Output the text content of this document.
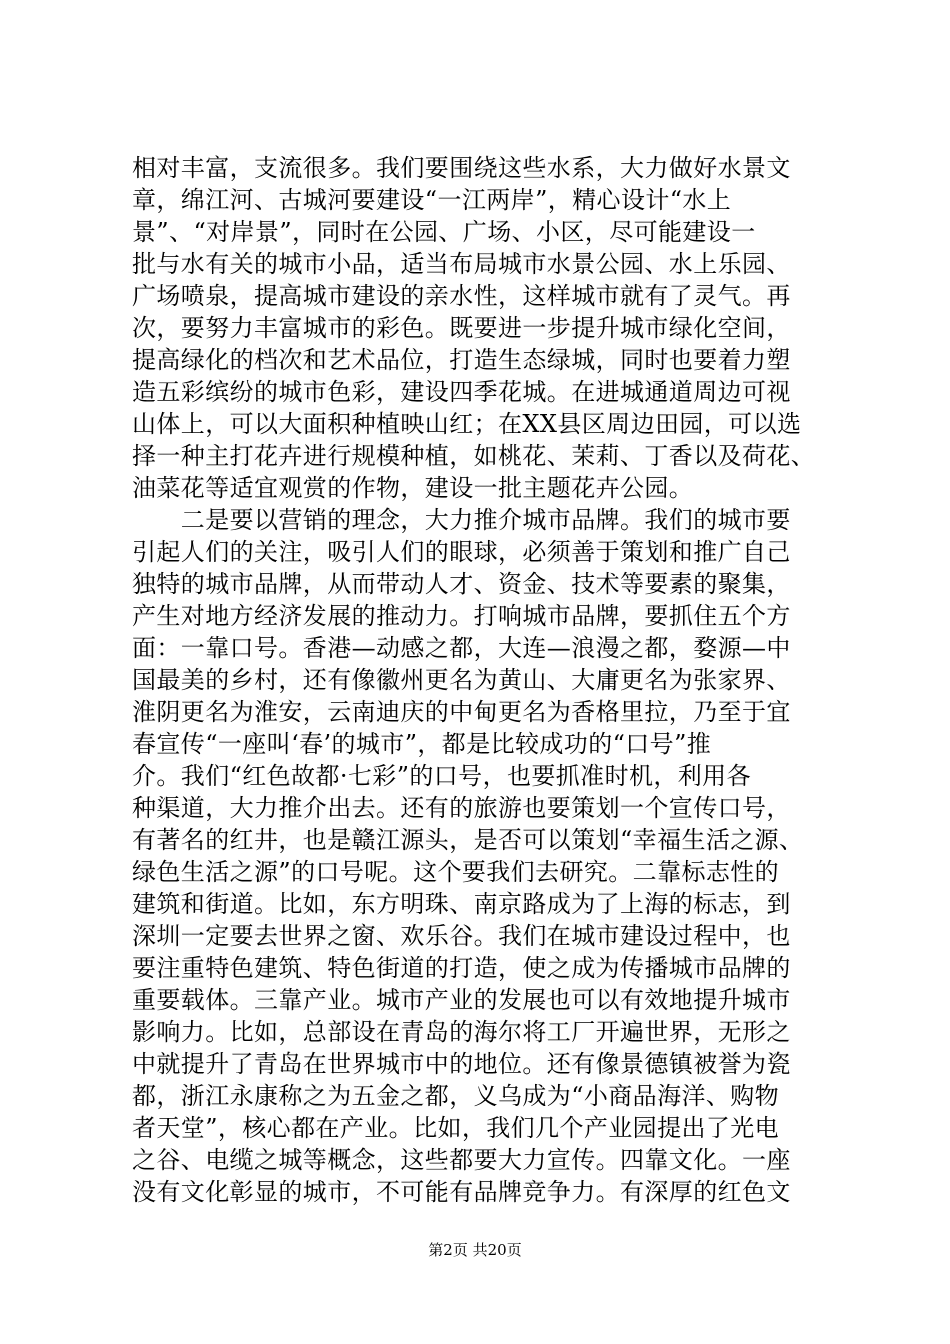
相对丰富，支流很多。我们要围绕这些水系，大力做好水景文
章，绵江河、古城河要建设“一江两岸”，精心设计“水上
景”、“对岸景”，同时在公园、广场、小区，尽可能建设一
批与水有关的城市小品，适当布局城市水景公园、水上乐园、
广场喷泉，提高城市建设的亲水性，这样城市就有了灵气。再
次，要努力丰富城市的彩色。既要进一步提升城市绿化空间，
提高绿化的档次和艺术品位，打造生态绿城，同时也要着力塑
造五彩缤纷的城市色彩，建设四季花城。在进城通道周边可视
山体上，可以大面积种植映山红；在XX县区周边田园，可以选
择一种主打花卉进行规模种植，如桃花、茉莉、丁香以及荷花、
油菜花等适宜观赏的作物，建设一批主题花卉公园。
　　二是要以营销的理念，大力推介城市品牌。我们的城市要
引起人们的关注，吸引人们的眼球，必须善于策划和推广自己
独特的城市品牌，从而带动人才、资金、技术等要素的聚集，
产生对地方经济发展的推动力。打响城市品牌，要抓住五个方
面：一靠口号。香港—动感之都，大连—浪漫之都，婺源—中
国最美的乡村，还有像徽州更名为黄山、大庸更名为张家界、
淮阴更名为淮安，云南迪庆的中甸更名为香格里拉，乃至于宜
春宣传“一座叫‘春’的城市”，都是比较成功的“口号”推
介。我们“红色故都·七彩”的口号，也要抓准时机，利用各
种渠道，大力推介出去。还有的旅游也要策划一个宣传口号，
有著名的红井，也是赣江源头，是否可以策划“幸福生活之源、
绿色生活之源”的口号呢。这个要我们去研究。二靠标志性的
建筑和街道。比如，东方明珠、南京路成为了上海的标志，到
深圳一定要去世界之窗、欢乐谷。我们在城市建设过程中，也
要注重特色建筑、特色街道的打造，使之成为传播城市品牌的
重要载体。三靠产业。城市产业的发展也可以有效地提升城市
影响力。比如，总部设在青岛的海尔将工厂开遍世界，无形之
中就提升了青岛在世界城市中的地位。还有像景德镇被誉为瓷
都，浙江永康称之为五金之都，义乌成为“小商品海洋、购物
者天堂”，核心都在产业。比如，我们几个产业园提出了光电
之谷、电缆之城等概念，这些都要大力宣传。四靠文化。一座
没有文化彰显的城市，不可能有品牌竞争力。有深厚的红色文
第2页 共20页
